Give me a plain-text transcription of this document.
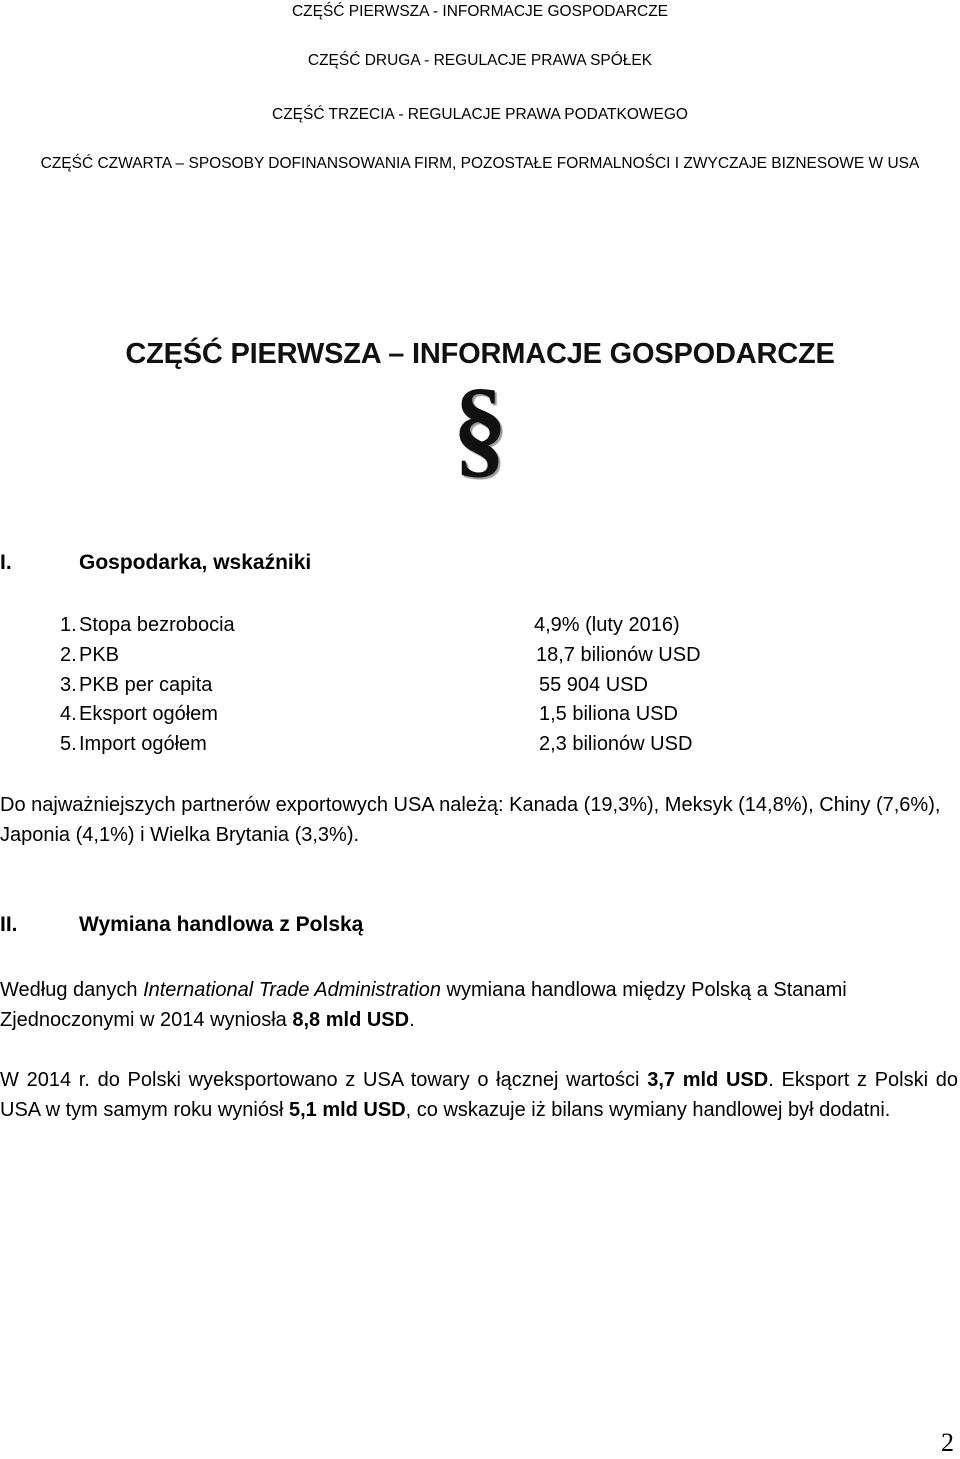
CZĘŚĆ PIERWSZA - INFORMACJE GOSPODARCZE
CZĘŚĆ DRUGA - REGULACJE PRAWA SPÓŁEK
CZĘŚĆ TRZECIA - REGULACJE PRAWA PODATKOWEGO
CZĘŚĆ CZWARTA – SPOSOBY DOFINANSOWANIA FIRM, POZOSTAŁE FORMALNOŚCI I ZWYCZAJE BIZNESOWE W USA
CZĘŚĆ PIERWSZA – INFORMACJE GOSPODARCZE
§
I.	Gospodarka, wskaźniki
1. Stopa bezrobocia	4,9% (luty 2016)
2. PKB	18,7 bilionów USD
3. PKB per capita	55 904 USD
4. Eksport ogółem	1,5 biliona USD
5. Import ogółem	2,3 bilionów USD
Do najważniejszych partnerów exportowych USA należą: Kanada (19,3%), Meksyk (14,8%), Chiny (7,6%), Japonia (4,1%) i Wielka Brytania (3,3%).
II.	Wymiana handlowa z Polską
Według danych International Trade Administration wymiana handlowa między Polską a Stanami Zjednoczonymi w 2014 wyniosła 8,8 mld USD.
W 2014 r. do Polski wyeksportowano z USA towary o łącznej wartości 3,7 mld USD. Eksport z Polski do USA w tym samym roku wyniósł 5,1 mld USD, co wskazuje iż bilans wymiany handlowej był dodatni.
2
